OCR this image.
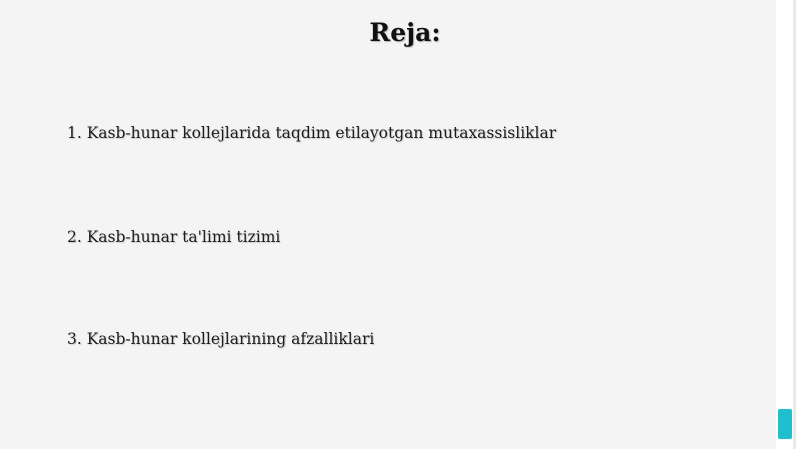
Reja:
1. Kasb-hunar kollejlarida taqdim etilayotgan mutaxassisliklar
2. Kasb-hunar ta'limi tizimi
3. Kasb-hunar kollejlarining afzalliklari
